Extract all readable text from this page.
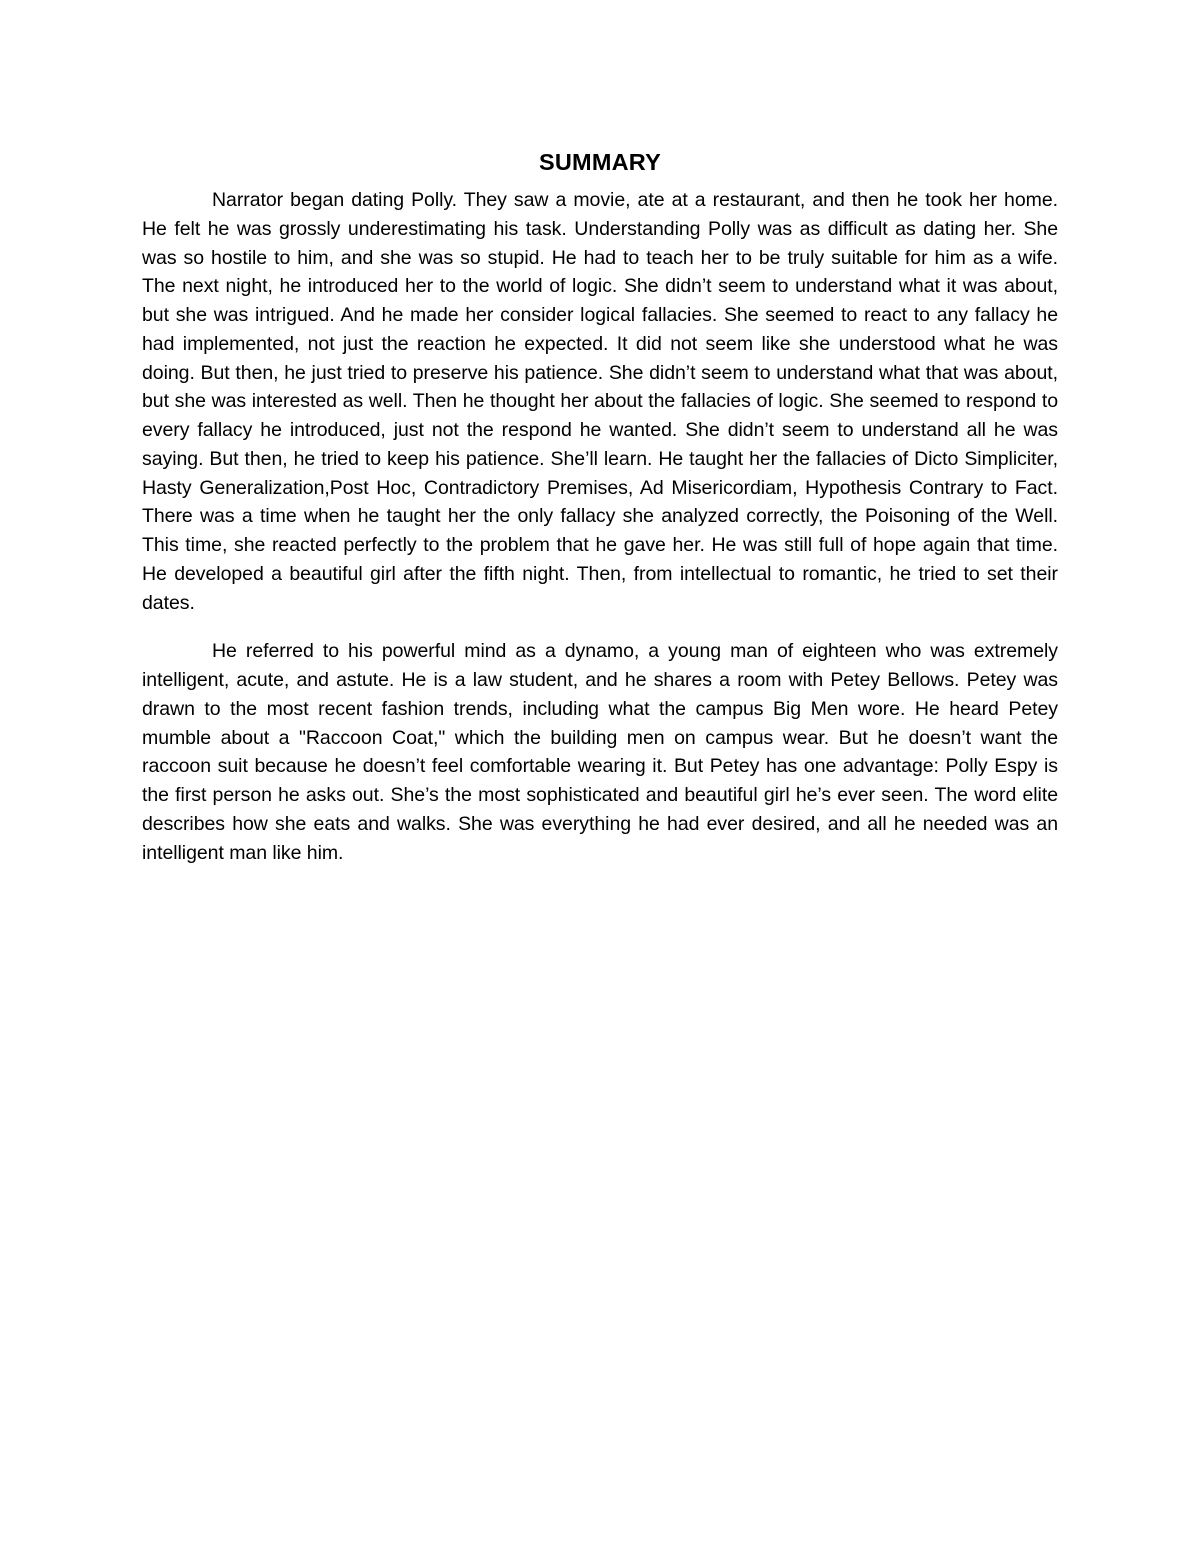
SUMMARY

Narrator began dating Polly. They saw a movie, ate at a restaurant, and then he took her home. He felt he was grossly underestimating his task. Understanding Polly was as difficult as dating her. She was so hostile to him, and she was so stupid. He had to teach her to be truly suitable for him as a wife. The next night, he introduced her to the world of logic. She didn’t seem to understand what it was about, but she was intrigued. And he made her consider logical fallacies. She seemed to react to any fallacy he had implemented, not just the reaction he expected. It did not seem like she understood what he was doing. But then, he just tried to preserve his patience. She didn’t seem to understand what that was about, but she was interested as well. Then he thought her about the fallacies of logic. She seemed to respond to every fallacy he introduced, just not the respond he wanted. She didn’t seem to understand all he was saying. But then, he tried to keep his patience. She’ll learn. He taught her the fallacies of Dicto Simpliciter, Hasty Generalization,Post Hoc, Contradictory Premises, Ad Misericordiam, Hypothesis Contrary to Fact. There was a time when he taught her the only fallacy she analyzed correctly, the Poisoning of the Well. This time, she reacted perfectly to the problem that he gave her. He was still full of hope again that time. He developed a beautiful girl after the fifth night. Then, from intellectual to romantic, he tried to set their dates.

He referred to his powerful mind as a dynamo, a young man of eighteen who was extremely intelligent, acute, and astute. He is a law student, and he shares a room with Petey Bellows. Petey was drawn to the most recent fashion trends, including what the campus Big Men wore. He heard Petey mumble about a "Raccoon Coat," which the building men on campus wear. But he doesn’t want the raccoon suit because he doesn’t feel comfortable wearing it. But Petey has one advantage: Polly Espy is the first person he asks out. She’s the most sophisticated and beautiful girl he’s ever seen. The word elite describes how she eats and walks. She was everything he had ever desired, and all he needed was an intelligent man like him.
